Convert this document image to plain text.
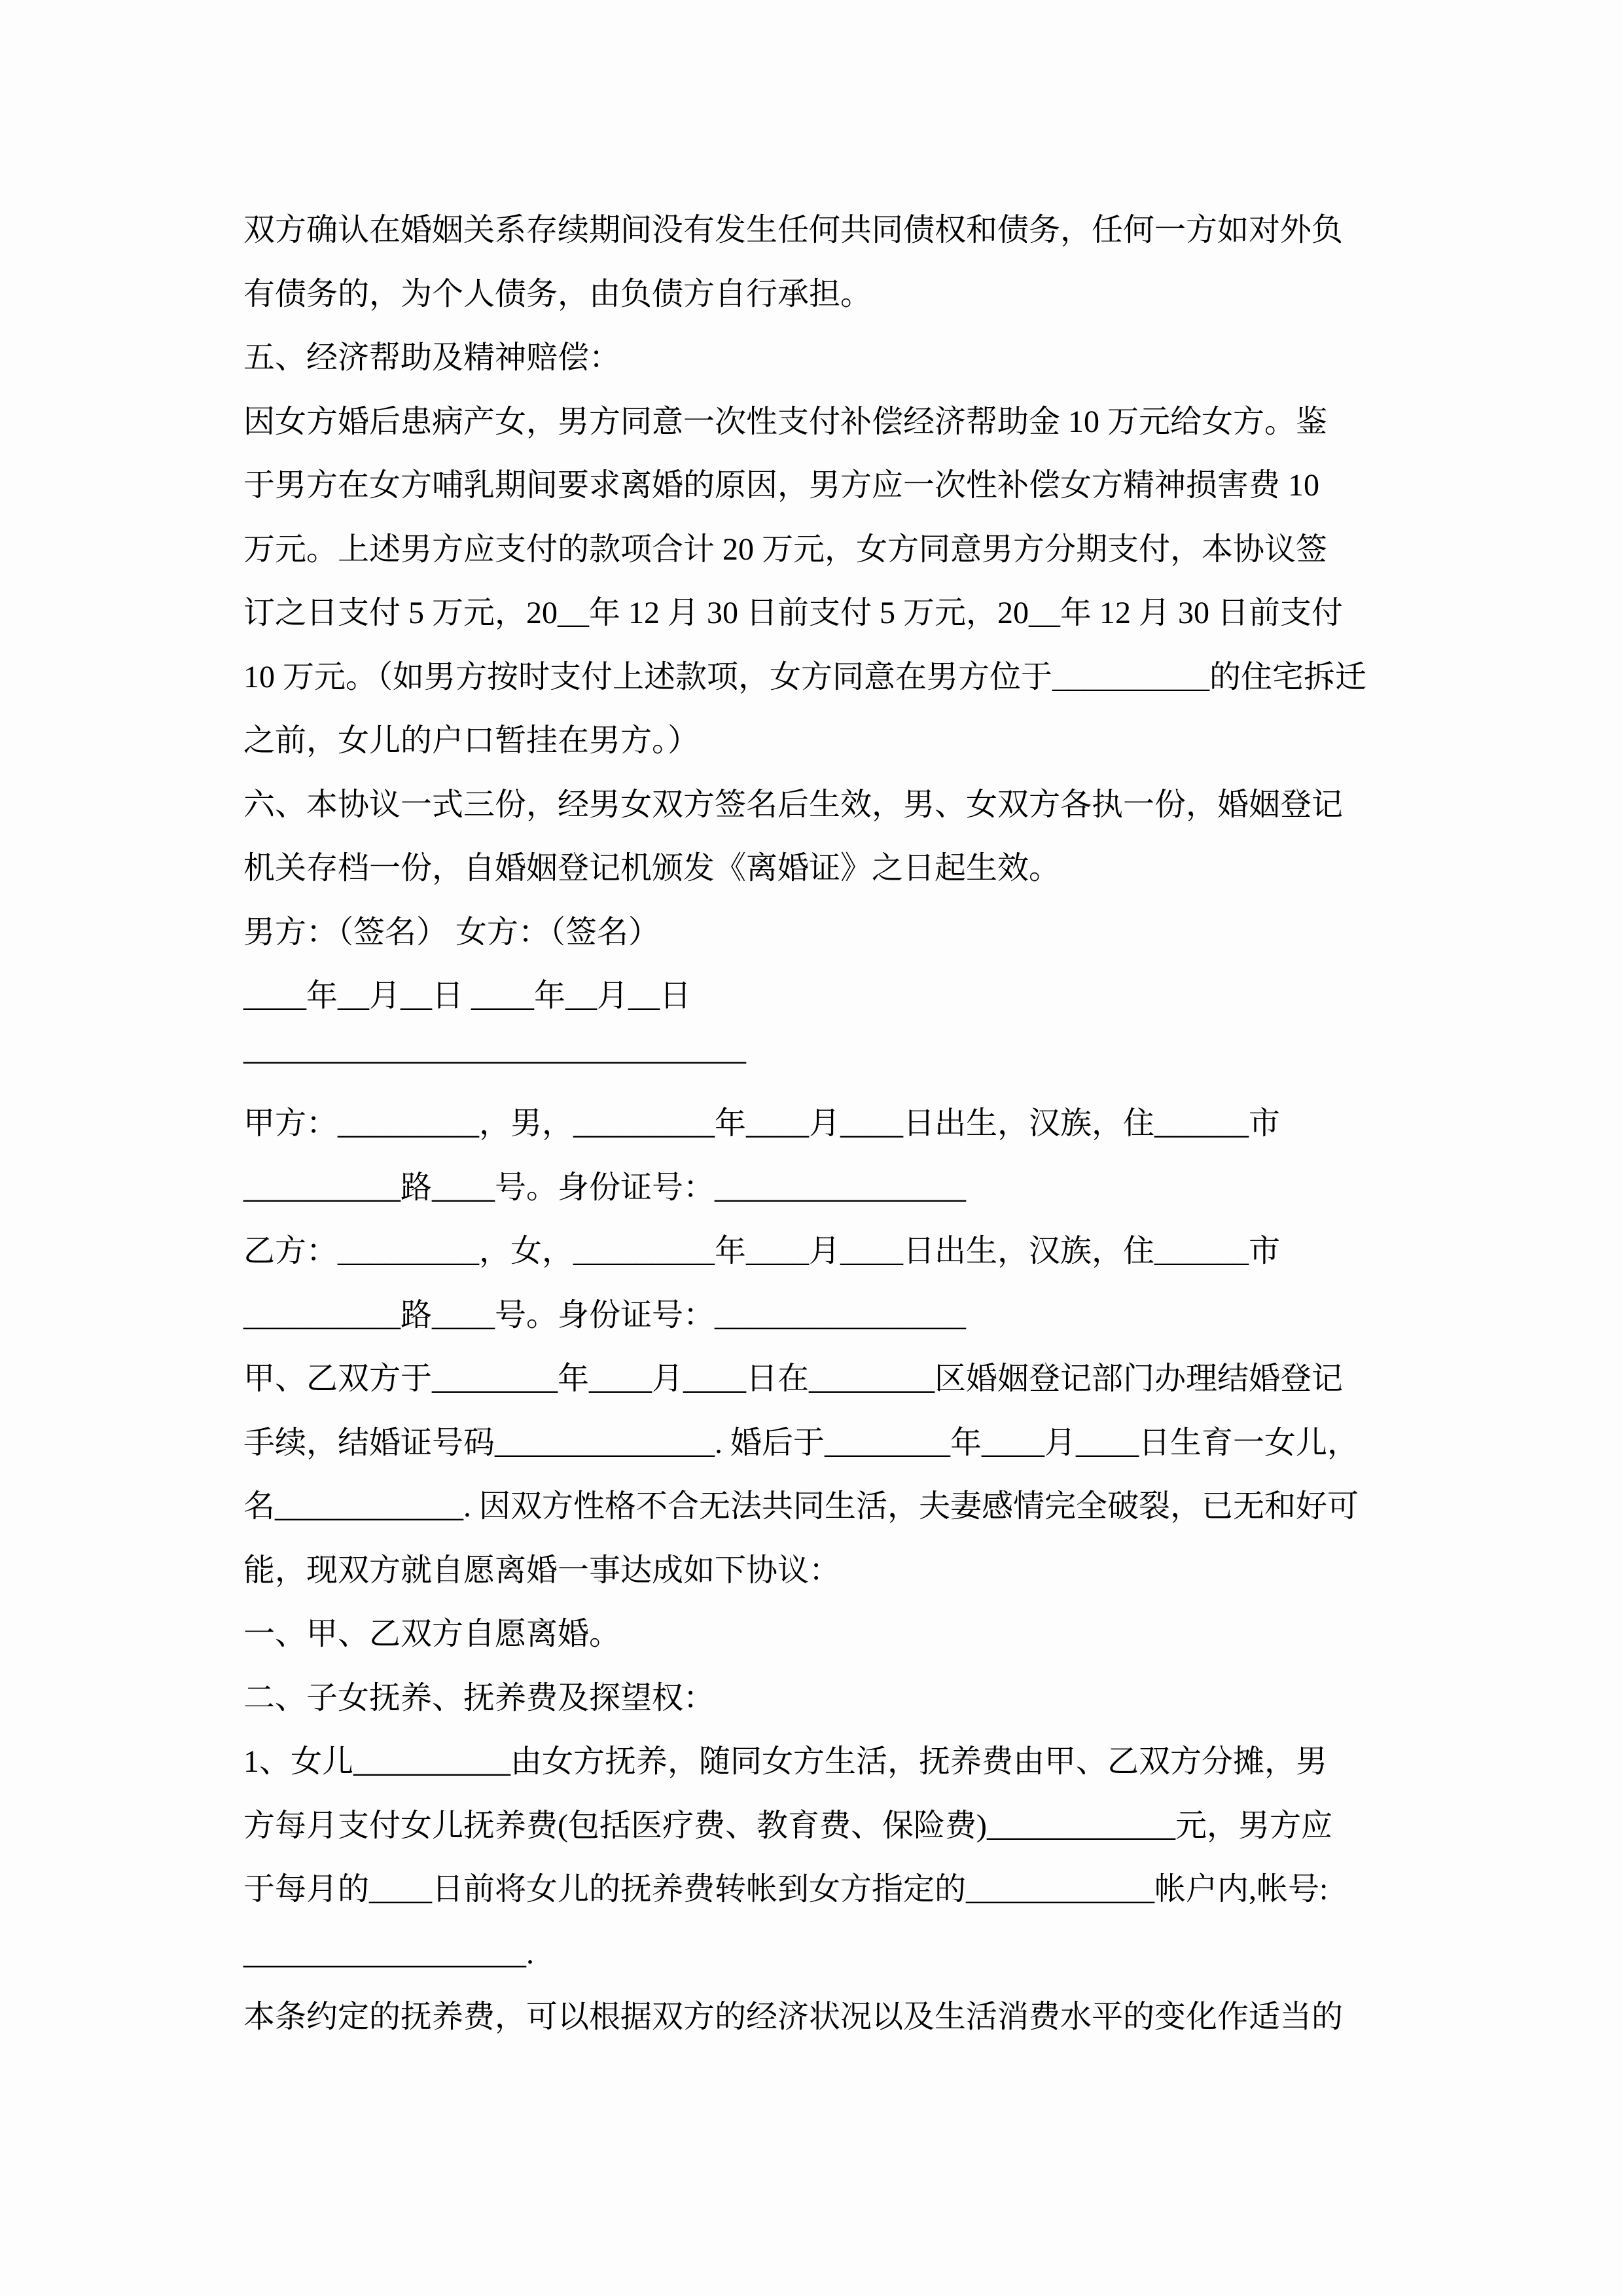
双方确认在婚姻关系存续期间没有发生任何共同债权和债务，任何一方如对外负
有债务的，为个人债务，由负债方自行承担。
五、经济帮助及精神赔偿：
因女方婚后患病产女，男方同意一次性支付补偿经济帮助金 10 万元给女方。鉴
于男方在女方哺乳期间要求离婚的原因，男方应一次性补偿女方精神损害费 10
万元。上述男方应支付的款项合计 20 万元，女方同意男方分期支付，本协议签
订之日支付 5 万元，20__年 12 月 30 日前支付 5 万元，20__年 12 月 30 日前支付
10 万元。（如男方按时支付上述款项，女方同意在男方位于__________的住宅拆迁
之前，女儿的户口暂挂在男方。）
六、本协议一式三份，经男女双方签名后生效，男、女双方各执一份，婚姻登记
机关存档一份，自婚姻登记机颁发《离婚证》之日起生效。
男方：（签名） 女方：（签名）
____年__月__日 ____年__月__日
————————————————
甲方：_________，男，_________年____月____日出生，汉族，住______市
__________路____号。身份证号：________________
乙方：_________，女，_________年____月____日出生，汉族，住______市
__________路____号。身份证号：________________
甲、乙双方于________年____月____日在________区婚姻登记部门办理结婚登记
手续，结婚证号码______________. 婚后于________年____月____日生育一女儿，
名____________. 因双方性格不合无法共同生活，夫妻感情完全破裂，已无和好可
能，现双方就自愿离婚一事达成如下协议：
一、甲、乙双方自愿离婚。
二、子女抚养、抚养费及探望权：
1、女儿__________由女方抚养，随同女方生活，抚养费由甲、乙双方分摊，男
方每月支付女儿抚养费(包括医疗费、教育费、保险费)____________元，男方应
于每月的____日前将女儿的抚养费转帐到女方指定的____________帐户内,帐号:
__________________.
本条约定的抚养费，可以根据双方的经济状况以及生活消费水平的变化作适当的
